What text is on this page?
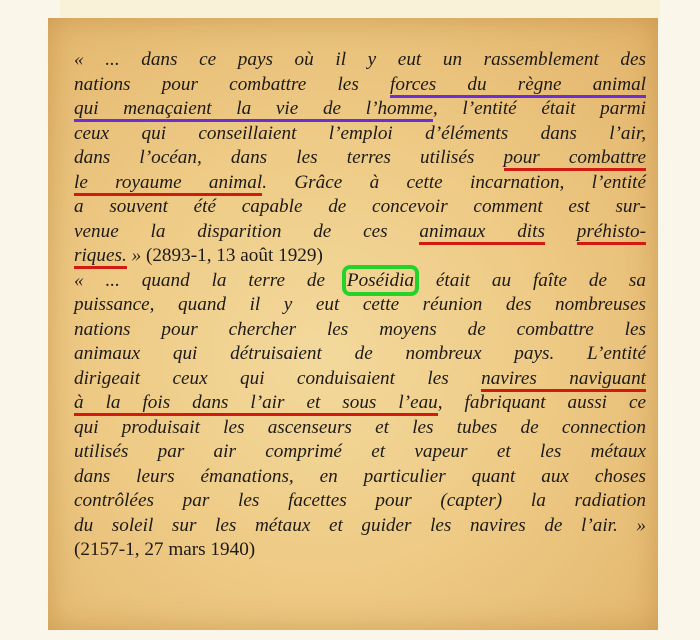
« ... dans ce pays où il y eut un rassemblement des
nations pour combattre les forces du règne animal
qui menaçaient la vie de l’homme, l’entité était parmi
ceux qui conseillaient l’emploi d’éléments dans l’air,
dans l’océan, dans les terres utilisés pour combattre
le royaume animal. Grâce à cette incarnation, l’entité
a souvent été capable de concevoir comment est sur-
venue la disparition de ces animaux dits préhisto-
riques. » (2893-1, 13 août 1929)
« ... quand la terre de Poséidia était au faîte de sa
puissance, quand il y eut cette réunion des nombreuses
nations pour chercher les moyens de combattre les
animaux qui détruisaient de nombreux pays. L’entité
dirigeait ceux qui conduisaient les navires naviguant
à la fois dans l’air et sous l’eau, fabriquant aussi ce
qui produisait les ascenseurs et les tubes de connection
utilisés par air comprimé et vapeur et les métaux
dans leurs émanations, en particulier quant aux choses
contrôlées par les facettes pour (capter) la radiation
du soleil sur les métaux et guider les navires de l’air. »
(2157-1, 27 mars 1940)
